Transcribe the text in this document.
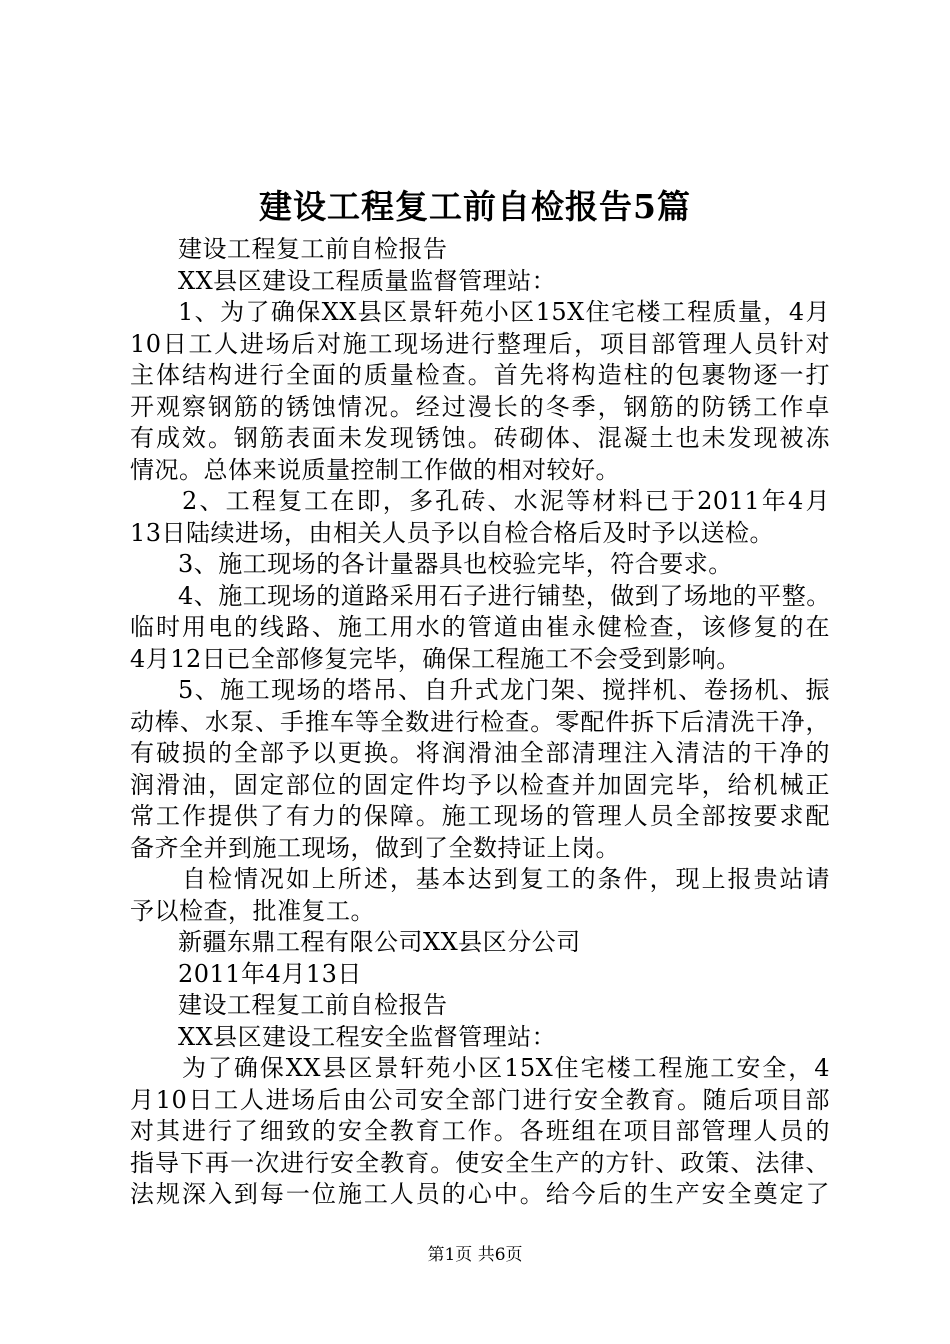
建设工程复工前自检报告5篇
建设工程复工前自检报告
XX县区建设工程质量监督管理站：
1、为了确保XX县区景轩苑小区15X住宅楼工程质量，4月
10日工人进场后对施工现场进行整理后，项目部管理人员针对
主体结构进行全面的质量检查。首先将构造柱的包裹物逐一打
开观察钢筋的锈蚀情况。经过漫长的冬季，钢筋的防锈工作卓
有成效。钢筋表面未发现锈蚀。砖砌体、混凝土也未发现被冻
情况。总体来说质量控制工作做的相对较好。
2、工程复工在即，多孔砖、水泥等材料已于2011年4月
13日陆续进场，由相关人员予以自检合格后及时予以送检。
3、施工现场的各计量器具也校验完毕，符合要求。
4、施工现场的道路采用石子进行铺垫，做到了场地的平整。
临时用电的线路、施工用水的管道由崔永健检查，该修复的在
4月12日已全部修复完毕，确保工程施工不会受到影响。
5、施工现场的塔吊、自升式龙门架、搅拌机、卷扬机、振
动棒、水泵、手推车等全数进行检查。零配件拆下后清洗干净，
有破损的全部予以更换。将润滑油全部清理注入清洁的干净的
润滑油，固定部位的固定件均予以检查并加固完毕，给机械正
常工作提供了有力的保障。施工现场的管理人员全部按要求配
备齐全并到施工现场，做到了全数持证上岗。
自检情况如上所述，基本达到复工的条件，现上报贵站请
予以检查，批准复工。
新疆东鼎工程有限公司XX县区分公司
2011年4月13日
建设工程复工前自检报告
XX县区建设工程安全监督管理站：
为了确保XX县区景轩苑小区15X住宅楼工程施工安全，4
月10日工人进场后由公司安全部门进行安全教育。随后项目部
对其进行了细致的安全教育工作。各班组在项目部管理人员的
指导下再一次进行安全教育。使安全生产的方针、政策、法律、
法规深入到每一位施工人员的心中。给今后的生产安全奠定了
第1页 共6页
